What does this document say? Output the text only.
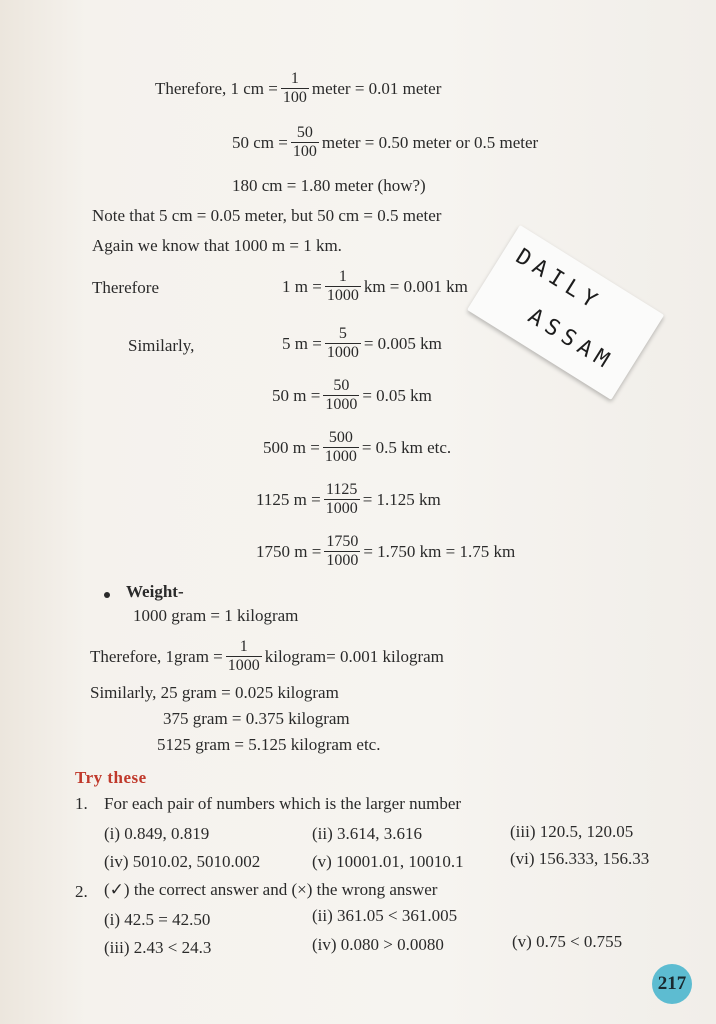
Therefore, 1 cm = $\frac{1}{100}$ meter = 0.01 meter
50 cm = $\frac{50}{100}$ meter = 0.50 meter or 0.5 meter
180 cm = 1.80 meter (how?)
Note that 5 cm = 0.05 meter, but 50 cm = 0.5 meter
Again we know that 1000 m = 1 km.
Therefore	1 $m = \frac{1}{1000}$ km = 0.001 km
Similarly,	5 $m = \frac{5}{1000} = 0.005$ km
50 $m = \frac{50}{1000} = 0.05$ km
500 $m = \frac{500}{1000} = 0.5$ km etc.
1125 $m = \frac{1125}{1000} = 1.125$ km
1750 $m = \frac{1750}{1000} = 1.750$ km = 1.75 km
Weight-
1000 gram = 1 kilogram
Therefore, 1gram = $\frac{1}{1000}$ kilogram= 0.001 kilogram
Similarly, 25 gram = 0.025 kilogram
375 gram = 0.375 kilogram
5125 gram = 5.125 kilogram etc.
Try these
1. For each pair of numbers which is the larger number
(i) 0.849, 0.819	(ii) 3.614, 3.616	(iii) 120.5, 120.05
(iv) 5010.02, 5010.002	(v) 10001.01, 10010.1	(vi) 156.333, 156.33
2. (✓) the correct answer and (×) the wrong answer
(i) 42.5 = 42.50	(ii) 361.05 < 361.005
(iii) 2.43 < 24.3	(iv) 0.080 > 0.0080	(v) 0.75 < 0.755
DAILY
ASSAM
217
